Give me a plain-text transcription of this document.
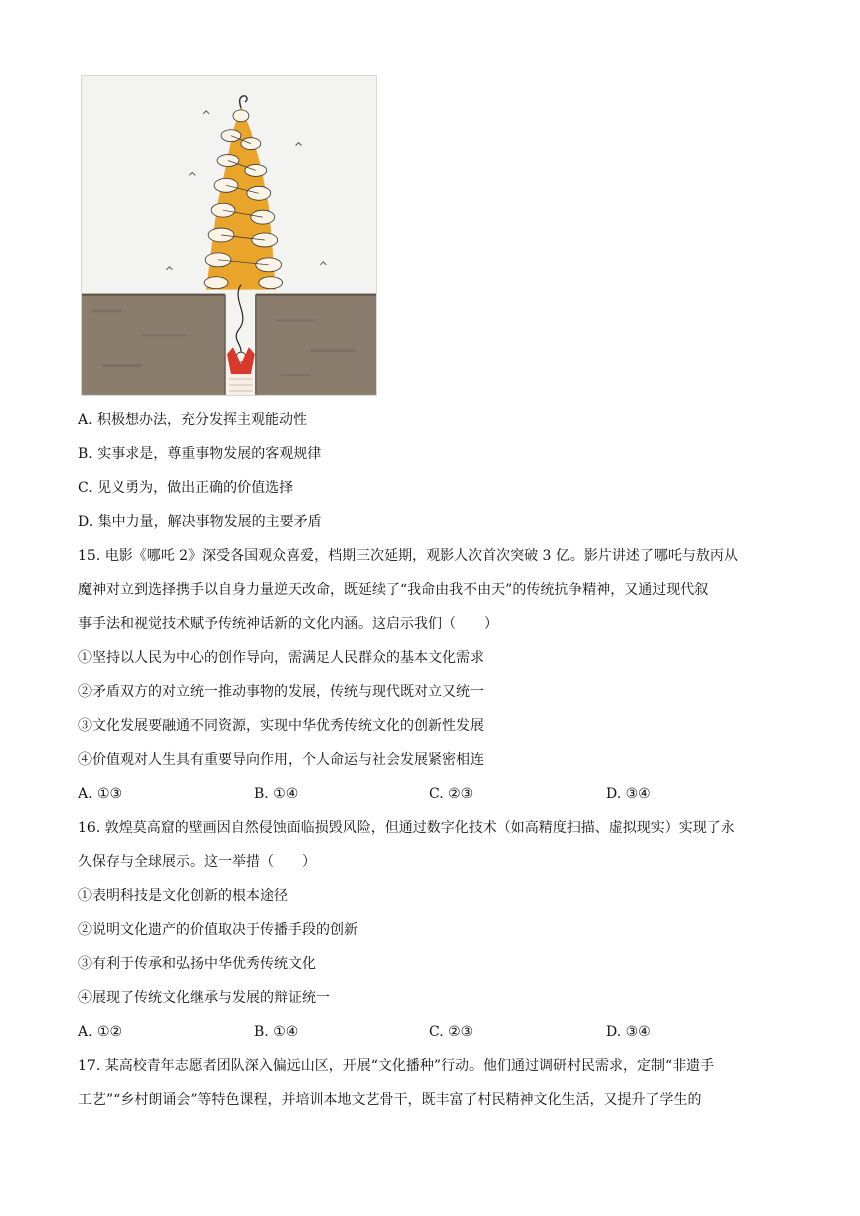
A. 积极想办法，充分发挥主观能动性
B. 实事求是，尊重事物发展的客观规律
C. 见义勇为，做出正确的价值选择
D. 集中力量，解决事物发展的主要矛盾
15. 电影《哪吒 2》深受各国观众喜爱，档期三次延期，观影人次首次突破 3 亿。影片讲述了哪吒与敖丙从
魔神对立到选择携手以自身力量逆天改命，既延续了“我命由我不由天”的传统抗争精神，又通过现代叙
事手法和视觉技术赋予传统神话新的文化内涵。这启示我们（　　）
①坚持以人民为中心的创作导向，需满足人民群众的基本文化需求
②矛盾双方的对立统一推动事物的发展，传统与现代既对立又统一
③文化发展要融通不同资源，实现中华优秀传统文化的创新性发展
④价值观对人生具有重要导向作用，个人命运与社会发展紧密相连
A. ①③	B. ①④	C. ②③	D. ③④
16. 敦煌莫高窟的壁画因自然侵蚀面临损毁风险，但通过数字化技术（如高精度扫描、虚拟现实）实现了永
久保存与全球展示。这一举措（　　）
①表明科技是文化创新的根本途径
②说明文化遗产的价值取决于传播手段的创新
③有利于传承和弘扬中华优秀传统文化
④展现了传统文化继承与发展的辩证统一
A. ①②	B. ①④	C. ②③	D. ③④
17. 某高校青年志愿者团队深入偏远山区，开展“文化播种”行动。他们通过调研村民需求，定制“非遗手
工艺”“乡村朗诵会”等特色课程，并培训本地文艺骨干，既丰富了村民精神文化生活，又提升了学生的
